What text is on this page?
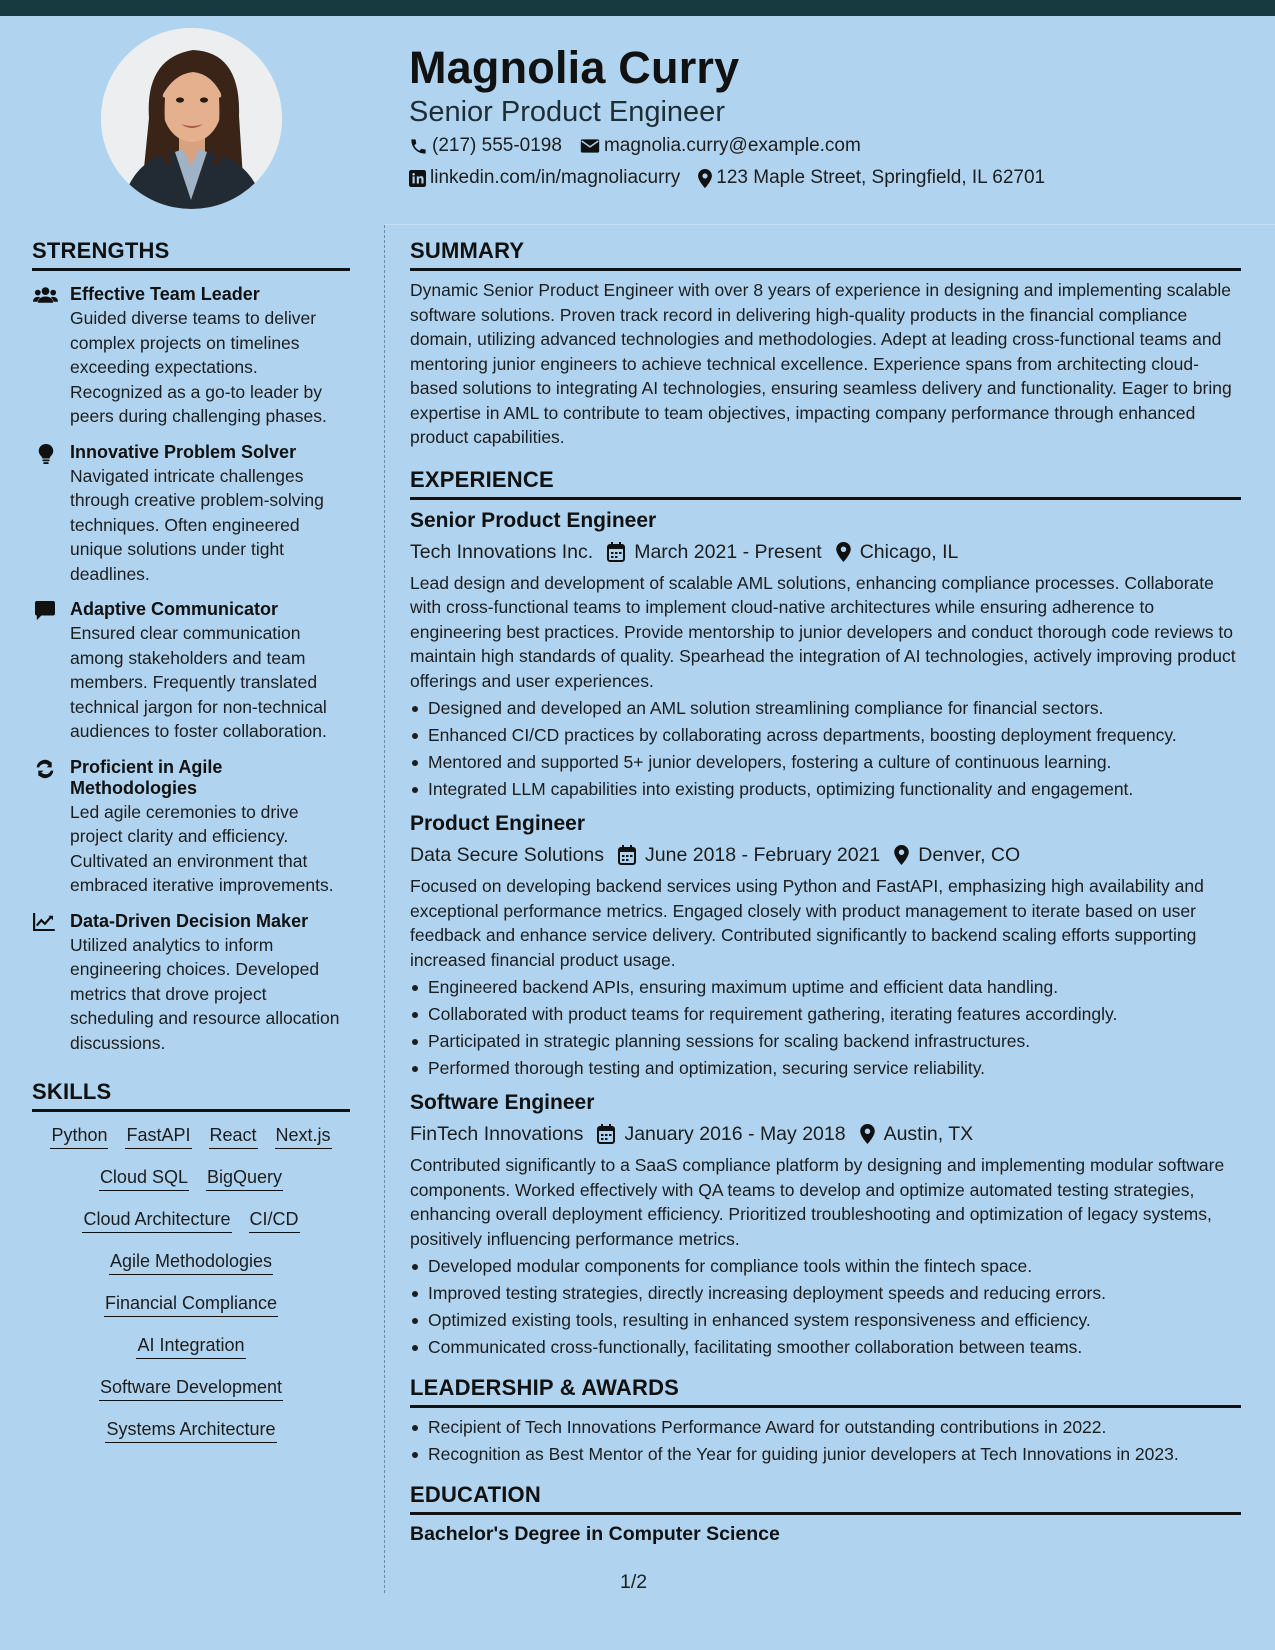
Magnolia Curry
Senior Product Engineer
(217) 555-0198 magnolia.curry@example.com
linkedin.com/in/magnoliacurry 123 Maple Street, Springfield, IL 62701
STRENGTHS
Effective Team Leader
Guided diverse teams to deliver complex projects on timelines exceeding expectations. Recognized as a go-to leader by peers during challenging phases.
Innovative Problem Solver
Navigated intricate challenges through creative problem-solving techniques. Often engineered unique solutions under tight deadlines.
Adaptive Communicator
Ensured clear communication among stakeholders and team members. Frequently translated technical jargon for non-technical audiences to foster collaboration.
Proficient in Agile Methodologies
Led agile ceremonies to drive project clarity and efficiency. Cultivated an environment that embraced iterative improvements.
Data-Driven Decision Maker
Utilized analytics to inform engineering choices. Developed metrics that drove project scheduling and resource allocation discussions.
SKILLS
Python FastAPI React Next.js
Cloud SQL BigQuery
Cloud Architecture CI/CD
Agile Methodologies
Financial Compliance
AI Integration
Software Development
Systems Architecture
SUMMARY
Dynamic Senior Product Engineer with over 8 years of experience in designing and implementing scalable software solutions. Proven track record in delivering high-quality products in the financial compliance domain, utilizing advanced technologies and methodologies. Adept at leading cross-functional teams and mentoring junior engineers to achieve technical excellence. Experience spans from architecting cloud-based solutions to integrating AI technologies, ensuring seamless delivery and functionality. Eager to bring expertise in AML to contribute to team objectives, impacting company performance through enhanced product capabilities.
EXPERIENCE
Senior Product Engineer
Tech Innovations Inc. March 2021 - Present Chicago, IL
Lead design and development of scalable AML solutions, enhancing compliance processes. Collaborate with cross-functional teams to implement cloud-native architectures while ensuring adherence to engineering best practices. Provide mentorship to junior developers and conduct thorough code reviews to maintain high standards of quality. Spearhead the integration of AI technologies, actively improving product offerings and user experiences.
Designed and developed an AML solution streamlining compliance for financial sectors.
Enhanced CI/CD practices by collaborating across departments, boosting deployment frequency.
Mentored and supported 5+ junior developers, fostering a culture of continuous learning.
Integrated LLM capabilities into existing products, optimizing functionality and engagement.
Product Engineer
Data Secure Solutions June 2018 - February 2021 Denver, CO
Focused on developing backend services using Python and FastAPI, emphasizing high availability and exceptional performance metrics. Engaged closely with product management to iterate based on user feedback and enhance service delivery. Contributed significantly to backend scaling efforts supporting increased financial product usage.
Engineered backend APIs, ensuring maximum uptime and efficient data handling.
Collaborated with product teams for requirement gathering, iterating features accordingly.
Participated in strategic planning sessions for scaling backend infrastructures.
Performed thorough testing and optimization, securing service reliability.
Software Engineer
FinTech Innovations January 2016 - May 2018 Austin, TX
Contributed significantly to a SaaS compliance platform by designing and implementing modular software components. Worked effectively with QA teams to develop and optimize automated testing strategies, enhancing overall deployment efficiency. Prioritized troubleshooting and optimization of legacy systems, positively influencing performance metrics.
Developed modular components for compliance tools within the fintech space.
Improved testing strategies, directly increasing deployment speeds and reducing errors.
Optimized existing tools, resulting in enhanced system responsiveness and efficiency.
Communicated cross-functionally, facilitating smoother collaboration between teams.
LEADERSHIP & AWARDS
Recipient of Tech Innovations Performance Award for outstanding contributions in 2022.
Recognition as Best Mentor of the Year for guiding junior developers at Tech Innovations in 2023.
EDUCATION
Bachelor's Degree in Computer Science
1/2
